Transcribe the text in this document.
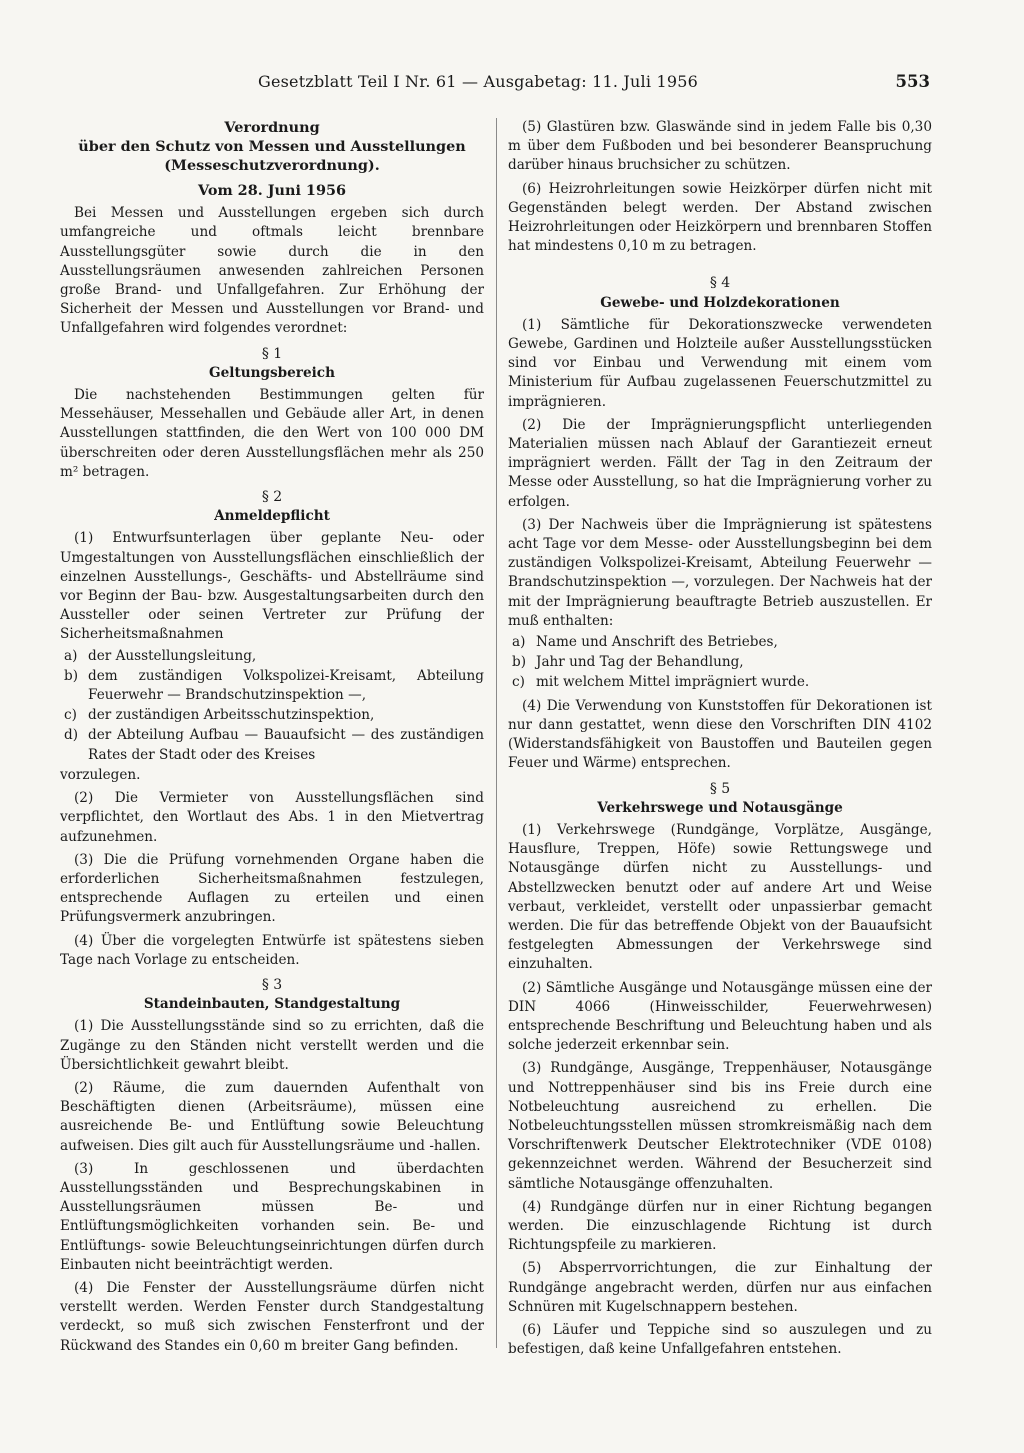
Gesetzblatt Teil I Nr. 61 — Ausgabetag: 11. Juli 1956	553
Verordnung
über den Schutz von Messen und Ausstellungen
(Messeschutzverordnung).
Vom 28. Juni 1956

Bei Messen und Ausstellungen ergeben sich durch umfangreiche und oftmals leicht brennbare Ausstellungsgüter sowie durch die in den Ausstellungsräumen anwesenden zahlreichen Personen große Brand- und Unfallgefahren. Zur Erhöhung der Sicherheit der Messen und Ausstellungen vor Brand- und Unfallgefahren wird folgendes verordnet:

§ 1
Geltungsbereich

Die nachstehenden Bestimmungen gelten für Messehäuser, Messehallen und Gebäude aller Art, in denen Ausstellungen stattfinden, die den Wert von 100 000 DM überschreiten oder deren Ausstellungsflächen mehr als 250 m² betragen.

§ 2
Anmeldepflicht

(1) Entwurfsunterlagen über geplante Neu- oder Umgestaltungen von Ausstellungsflächen einschließlich der einzelnen Ausstellungs-, Geschäfts- und Abstellräume sind vor Beginn der Bau- bzw. Ausgestaltungsarbeiten durch den Aussteller oder seinen Vertreter zur Prüfung der Sicherheitsmaßnahmen

a) der Ausstellungsleitung,
b) dem zuständigen Volkspolizei-Kreisamt, Abteilung Feuerwehr — Brandschutzinspektion —,
c) der zuständigen Arbeitsschutzinspektion,
d) der Abteilung Aufbau — Bauaufsicht — des zuständigen Rates der Stadt oder des Kreises

vorzulegen.

(2) Die Vermieter von Ausstellungsflächen sind verpflichtet, den Wortlaut des Abs. 1 in den Mietvertrag aufzunehmen.

(3) Die die Prüfung vornehmenden Organe haben die erforderlichen Sicherheitsmaßnahmen festzulegen, entsprechende Auflagen zu erteilen und einen Prüfungsvermerk anzubringen.

(4) Über die vorgelegten Entwürfe ist spätestens sieben Tage nach Vorlage zu entscheiden.

§ 3
Standeinbauten, Standgestaltung

(1) Die Ausstellungsstände sind so zu errichten, daß die Zugänge zu den Ständen nicht verstellt werden und die Übersichtlichkeit gewahrt bleibt.

(2) Räume, die zum dauernden Aufenthalt von Beschäftigten dienen (Arbeitsräume), müssen eine ausreichende Be- und Entlüftung sowie Beleuchtung aufweisen. Dies gilt auch für Ausstellungsräume und -hallen.

(3) In geschlossenen und überdachten Ausstellungsständen und Besprechungskabinen in Ausstellungsräumen müssen Be- und Entlüftungsmöglichkeiten vorhanden sein. Be- und Entlüftungs- sowie Beleuchtungseinrichtungen dürfen durch Einbauten nicht beeinträchtigt werden.

(4) Die Fenster der Ausstellungsräume dürfen nicht verstellt werden. Werden Fenster durch Standgestaltung verdeckt, so muß sich zwischen Fensterfront und der Rückwand des Standes ein 0,60 m breiter Gang befinden.

(5) Glastüren bzw. Glaswände sind in jedem Falle bis 0,30 m über dem Fußboden und bei besonderer Beanspruchung darüber hinaus bruchsicher zu schützen.

(6) Heizrohrleitungen sowie Heizkörper dürfen nicht mit Gegenständen belegt werden. Der Abstand zwischen Heizrohrleitungen oder Heizkörpern und brennbaren Stoffen hat mindestens 0,10 m zu betragen.

§ 4
Gewebe- und Holzdekorationen

(1) Sämtliche für Dekorationszwecke verwendeten Gewebe, Gardinen und Holzteile außer Ausstellungsstücken sind vor Einbau und Verwendung mit einem vom Ministerium für Aufbau zugelassenen Feuerschutzmittel zu imprägnieren.

(2) Die der Imprägnierungspflicht unterliegenden Materialien müssen nach Ablauf der Garantiezeit erneut imprägniert werden. Fällt der Tag in den Zeitraum der Messe oder Ausstellung, so hat die Imprägnierung vorher zu erfolgen.

(3) Der Nachweis über die Imprägnierung ist spätestens acht Tage vor dem Messe- oder Ausstellungsbeginn bei dem zuständigen Volkspolizei-Kreisamt, Abteilung Feuerwehr — Brandschutzinspektion —, vorzulegen. Der Nachweis hat der mit der Imprägnierung beauftragte Betrieb auszustellen. Er muß enthalten:

a) Name und Anschrift des Betriebes,
b) Jahr und Tag der Behandlung,
c) mit welchem Mittel imprägniert wurde.

(4) Die Verwendung von Kunststoffen für Dekorationen ist nur dann gestattet, wenn diese den Vorschriften DIN 4102 (Widerstandsfähigkeit von Baustoffen und Bauteilen gegen Feuer und Wärme) entsprechen.

§ 5
Verkehrswege und Notausgänge

(1) Verkehrswege (Rundgänge, Vorplätze, Ausgänge, Hausflure, Treppen, Höfe) sowie Rettungswege und Notausgänge dürfen nicht zu Ausstellungs- und Abstellzwecken benutzt oder auf andere Art und Weise verbaut, verkleidet, verstellt oder unpassierbar gemacht werden. Die für das betreffende Objekt von der Bauaufsicht festgelegten Abmessungen der Verkehrswege sind einzuhalten.

(2) Sämtliche Ausgänge und Notausgänge müssen eine der DIN 4066 (Hinweisschilder, Feuerwehrwesen) entsprechende Beschriftung und Beleuchtung haben und als solche jederzeit erkennbar sein.

(3) Rundgänge, Ausgänge, Treppenhäuser, Notausgänge und Nottreppenhäuser sind bis ins Freie durch eine Notbeleuchtung ausreichend zu erhellen. Die Notbeleuchtungsstellen müssen stromkreismäßig nach dem Vorschriftenwerk Deutscher Elektrotechniker (VDE 0108) gekennzeichnet werden. Während der Besucherzeit sind sämtliche Notausgänge offenzuhalten.

(4) Rundgänge dürfen nur in einer Richtung begangen werden. Die einzuschlagende Richtung ist durch Richtungspfeile zu markieren.

(5) Absperrvorrichtungen, die zur Einhaltung der Rundgänge angebracht werden, dürfen nur aus einfachen Schnüren mit Kugelschnappern bestehen.

(6) Läufer und Teppiche sind so auszulegen und zu befestigen, daß keine Unfallgefahren entstehen.
